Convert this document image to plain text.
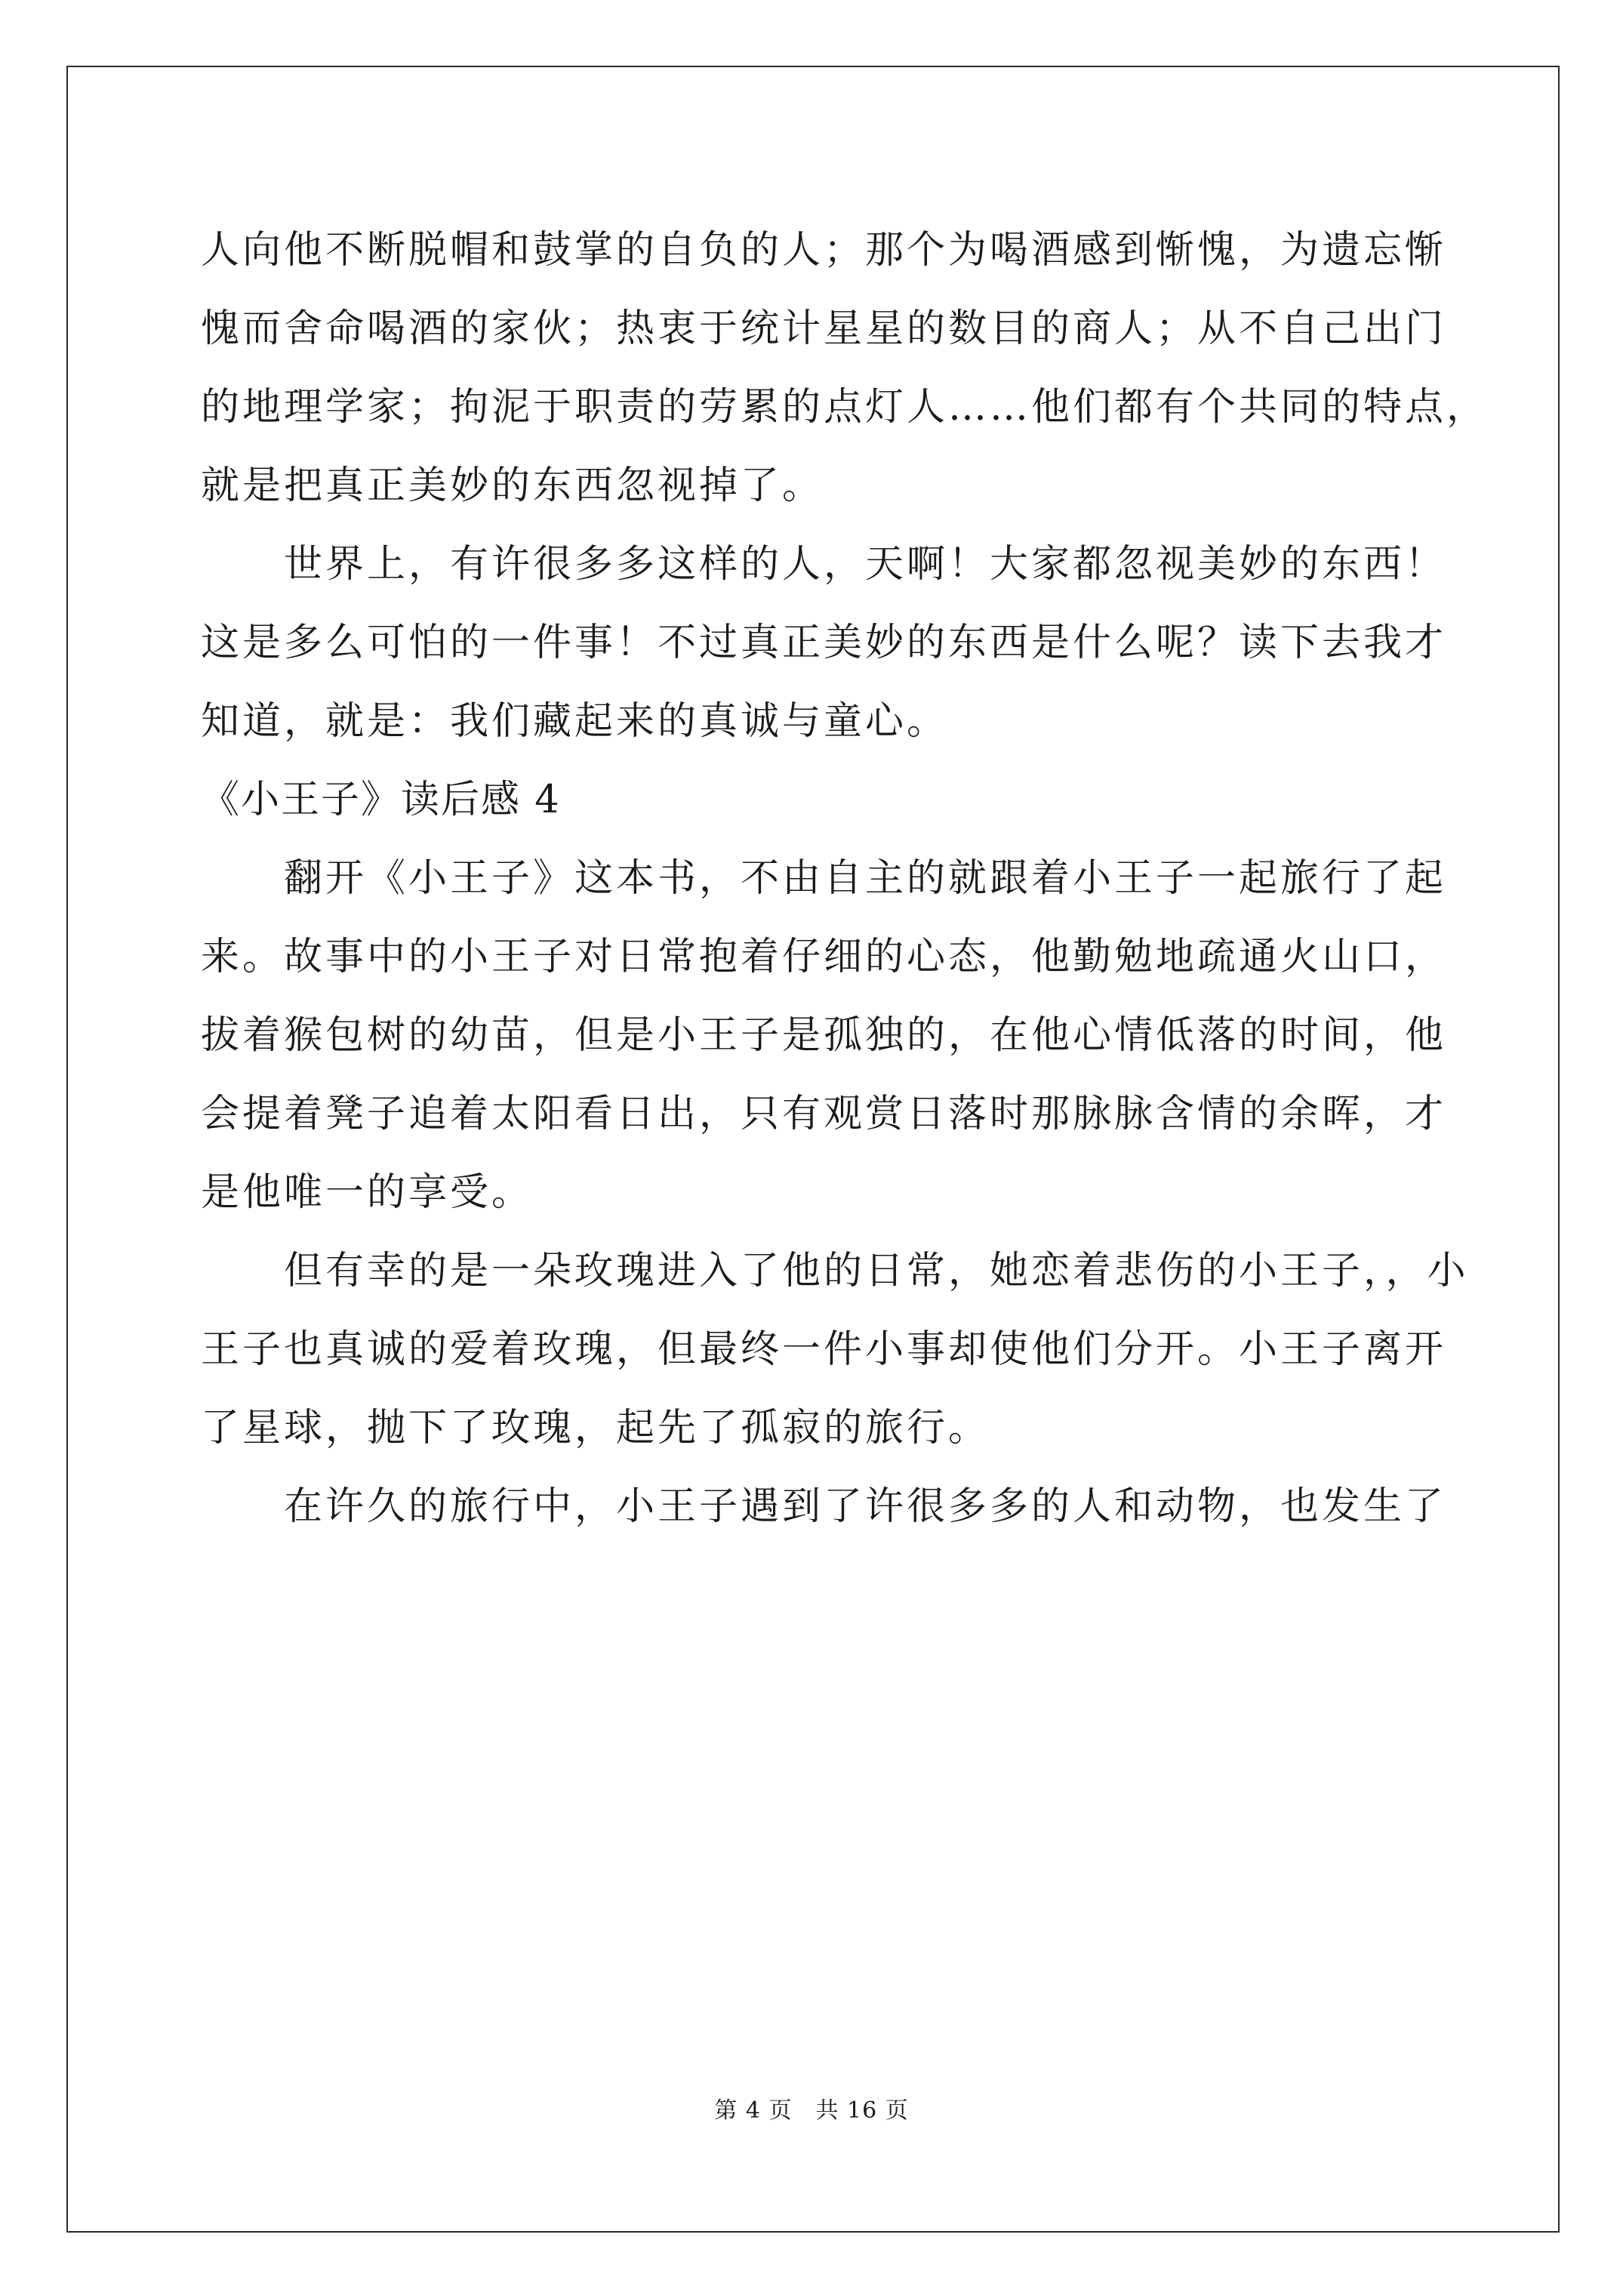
人向他不断脱帽和鼓掌的自负的人；那个为喝酒感到惭愧，为遗忘惭
愧而舍命喝酒的家伙；热衷于统计星星的数目的商人；从不自己出门
的地理学家；拘泥于职责的劳累的点灯人……他们都有个共同的特点，
就是把真正美妙的东西忽视掉了。
世界上，有许很多多这样的人，天啊！大家都忽视美妙的东西！
这是多么可怕的一件事！不过真正美妙的东西是什么呢？读下去我才
知道，就是：我们藏起来的真诚与童心。
《小王子》读后感 4
翻开《小王子》这本书，不由自主的就跟着小王子一起旅行了起
来。故事中的小王子对日常抱着仔细的心态，他勤勉地疏通火山口，
拔着猴包树的幼苗，但是小王子是孤独的，在他心情低落的时间，他
会提着凳子追着太阳看日出，只有观赏日落时那脉脉含情的余晖，才
是他唯一的享受。
但有幸的是一朵玫瑰进入了他的日常，她恋着悲伤的小王子，，小
王子也真诚的爱着玫瑰，但最终一件小事却使他们分开。小王子离开
了星球，抛下了玫瑰，起先了孤寂的旅行。
在许久的旅行中，小王子遇到了许很多多的人和动物，也发生了
第 4 页　共 16 页
